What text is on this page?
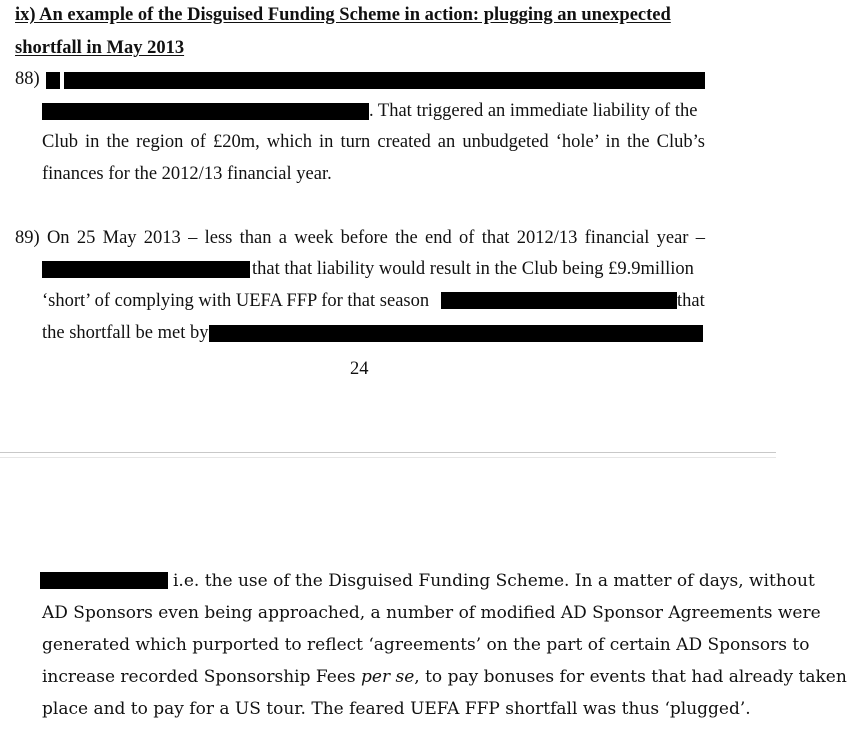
ix) An example of the Disguised Funding Scheme in action: plugging an unexpected
shortfall in May 2013
88)
. That triggered an immediate liability of the
Club in the region of £20m, which in turn created an unbudgeted ‘hole’ in the Club’s
finances for the 2012/13 financial year.
89) On 25 May 2013 – less than a week before the end of that 2012/13 financial year –
that that liability would result in the Club being £9.9million
‘short’ of complying with UEFA FFP for that season	that
the shortfall be met by
24
i.e. the use of the Disguised Funding Scheme. In a matter of days, without
AD Sponsors even being approached, a number of modified AD Sponsor Agreements were
generated which purported to reflect ‘agreements’ on the part of certain AD Sponsors to
increase recorded Sponsorship Fees per se, to pay bonuses for events that had already taken
place and to pay for a US tour. The feared UEFA FFP shortfall was thus ‘plugged’.
